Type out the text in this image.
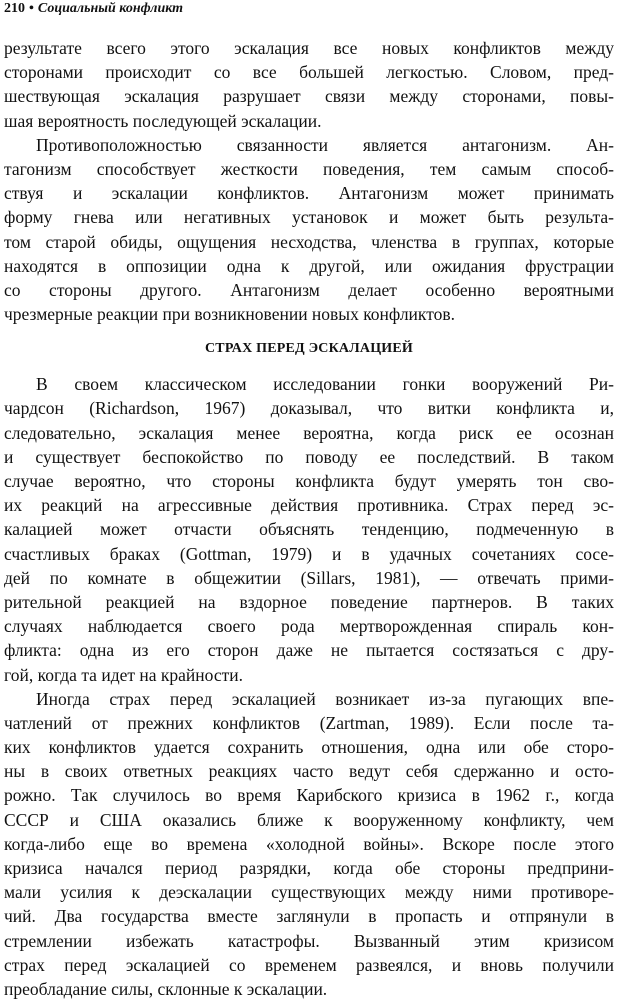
210 • Социальный конфликт
результате всего этого эскалация все новых конфликтов между
сторонами происходит со все большей легкостью. Словом, пред-
шествующая эскалация разрушает связи между сторонами, повы-
шая вероятность последующей эскалации.
Противоположностью связанности является антагонизм. Ан-
тагонизм способствует жесткости поведения, тем самым способ-
ствуя и эскалации конфликтов. Антагонизм может принимать
форму гнева или негативных установок и может быть результа-
том старой обиды, ощущения несходства, членства в группах, которые
находятся в оппозиции одна к другой, или ожидания фрустрации
со стороны другого. Антагонизм делает особенно вероятными
чрезмерные реакции при возникновении новых конфликтов.
СТРАХ ПЕРЕД ЭСКАЛАЦИЕЙ
В своем классическом исследовании гонки вооружений Ри-
чардсон (Richardson, 1967) доказывал, что витки конфликта и,
следовательно, эскалация менее вероятна, когда риск ее осознан
и существует беспокойство по поводу ее последствий. В таком
случае вероятно, что стороны конфликта будут умерять тон сво-
их реакций на агрессивные действия противника. Страх перед эс-
калацией может отчасти объяснять тенденцию, подмеченную в
счастливых браках (Gottman, 1979) и в удачных сочетаниях сосе-
дей по комнате в общежитии (Sillars, 1981), — отвечать прими-
рительной реакцией на вздорное поведение партнеров. В таких
случаях наблюдается своего рода мертворожденная спираль кон-
фликта: одна из его сторон даже не пытается состязаться с дру-
гой, когда та идет на крайности.
Иногда страх перед эскалацией возникает из-за пугающих впе-
чатлений от прежних конфликтов (Zartman, 1989). Если после та-
ких конфликтов удается сохранить отношения, одна или обе сторо-
ны в своих ответных реакциях часто ведут себя сдержанно и осто-
рожно. Так случилось во время Карибского кризиса в 1962 г., когда
СССР и США оказались ближе к вооруженному конфликту, чем
когда-либо еще во времена «холодной войны». Вскоре после этого
кризиса начался период разрядки, когда обе стороны предприни-
мали усилия к деэскалации существующих между ними противоре-
чий. Два государства вместе заглянули в пропасть и отпрянули в
стремлении избежать катастрофы. Вызванный этим кризисом
страх перед эскалацией со временем развеялся, и вновь получили
преобладание силы, склонные к эскалации.
